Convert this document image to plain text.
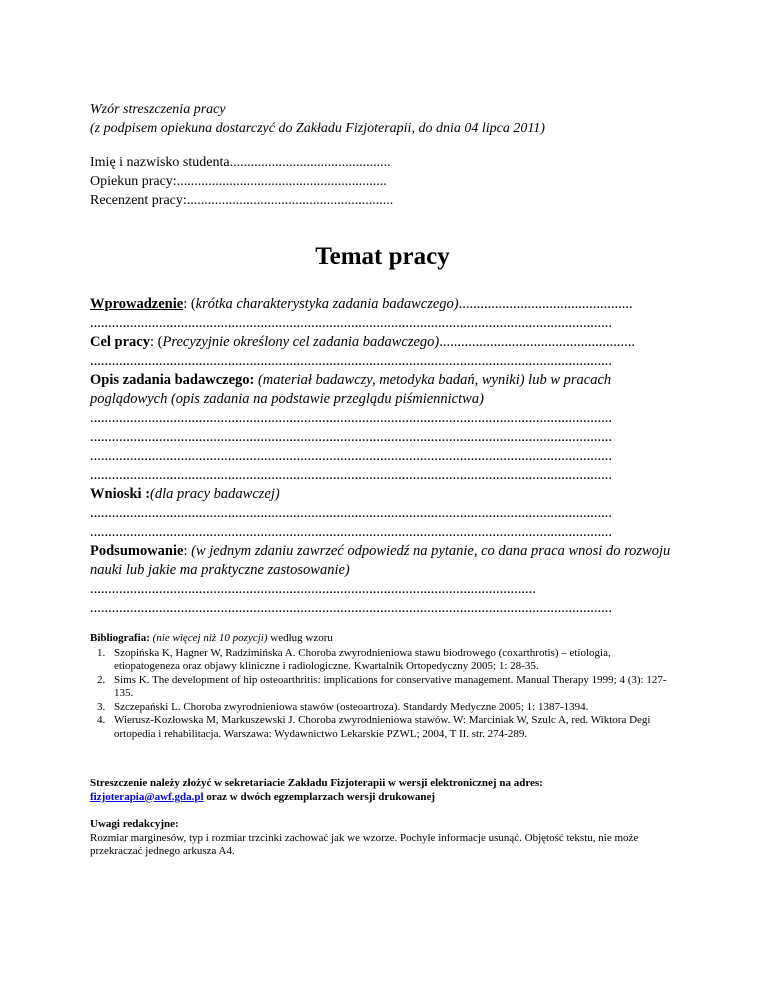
Wzór streszczenia pracy

(z podpisem opiekuna dostarczyć do Zakładu Fizjoterapii, do dnia 04 lipca 2011)

Imię i nazwisko studenta..............................................

Opiekun pracy:............................................................

Recenzent pracy:...........................................................

Temat pracy
Wprowadzenie: (krótka charakterystyka zadania badawczego)................................................
................................................................................................................................................
Cel pracy: (Precyzyjnie określony cel zadania badawczego)......................................................
................................................................................................................................................
Opis zadania badawczego: (materiał badawczy, metodyka badań, wyniki) lub w pracach poglądowych (opis zadania na podstawie przeglądu piśmiennictwa)
................................................................................................................................................
................................................................................................................................................
................................................................................................................................................
................................................................................................................................................
Wnioski :(dla pracy badawczej)
................................................................................................................................................
................................................................................................................................................
Podsumowanie: (w jednym zdaniu zawrzeć odpowiedź na pytanie, co dana praca wnosi do rozwoju nauki lub jakie ma praktyczne zastosowanie)
...........................................................................................................................
................................................................................................................................................
Bibliografia: (nie więcej niż 10 pozycji) według wzoru
1. Szopińska K, Hagner W, Radzimińska A. Choroba zwyrodnieniowa stawu biodrowego (coxarthrotis) – etiologia, etiopatogeneza oraz objawy kliniczne i radiologiczne. Kwartalnik Ortopedyczny 2005; 1: 28-35.
2. Sims K. The development of hip osteoarthritis: implications for conservative management. Manual Therapy 1999; 4 (3): 127-135.
3. Szczepański L. Choroba zwyrodnieniowa stawów (osteoartroza). Standardy Medyczne 2005; 1: 1387-1394.
4. Wierusz-Kozłowska M, Markuszewski J. Choroba zwyrodnieniowa stawów. W: Marciniak W, Szulc A, red. Wiktora Degi ortopedia i rehabilitacja. Warszawa: Wydawnictwo Lekarskie PZWL; 2004, T II. str. 274-289.
Streszczenie należy złożyć w sekretariacie Zakładu Fizjoterapii w wersji elektronicznej na adres:
fizjoterapia@awf.gda.pl oraz w dwóch egzemplarzach wersji drukowanej
Uwagi redakcyjne:
Rozmiar marginesów, typ i rozmiar trzcinki zachować jak we wzorze. Pochyłe informacje usunąć. Objętość tekstu, nie może przekraczać jednego arkusza A4.
